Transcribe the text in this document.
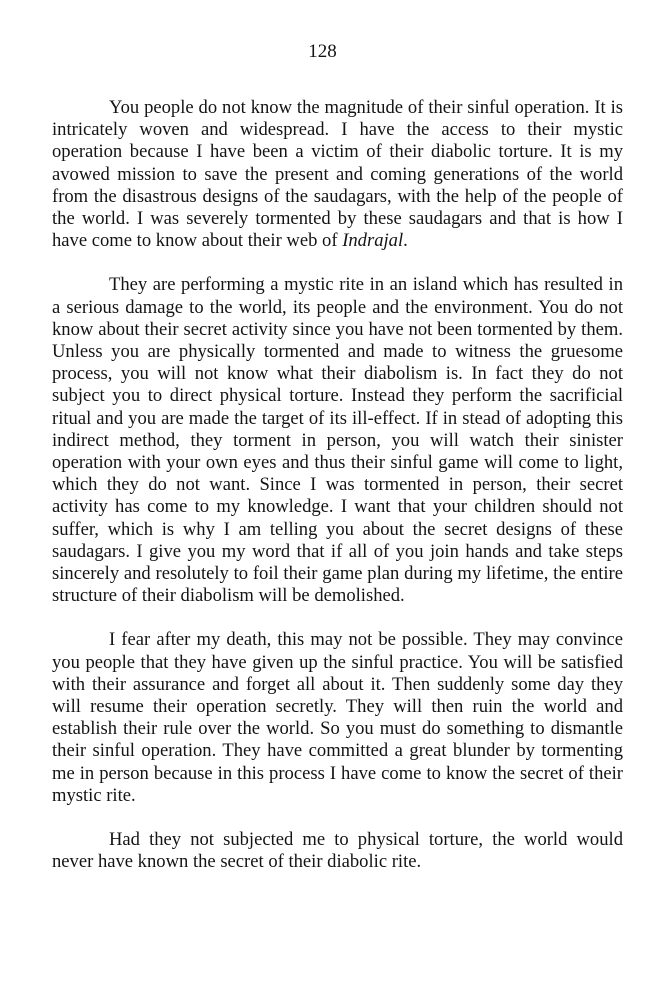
128

You people do not know the magnitude of their sinful operation. It is intricately woven and widespread. I have the access to their mystic operation because I have been a victim of their diabolic torture. It is my avowed mission to save the present and coming generations of the world from the disastrous designs of the saudagars, with the help of the people of the world. I was severely tormented by these saudagars and that is how I have come to know about their web of Indrajal.

They are performing a mystic rite in an island which has resulted in a serious damage to the world, its people and the environment. You do not know about their secret activity since you have not been tormented by them. Unless you are physically tormented and made to witness the gruesome process, you will not know what their diabolism is. In fact they do not subject you to direct physical torture. Instead they perform the sacrificial ritual and you are made the target of its ill-effect. If in stead of adopting this indirect method, they torment in person, you will watch their sinister operation with your own eyes and thus their sinful game will come to light, which they do not want. Since I was tormented in person, their secret activity has come to my knowledge. I want that your children should not suffer, which is why I am telling you about the secret designs of these saudagars. I give you my word that if all of you join hands and take steps sincerely and resolutely to foil their game plan during my lifetime, the entire structure of their diabolism will be demolished.

I fear after my death, this may not be possible. They may convince you people that they have given up the sinful practice. You will be satisfied with their assurance and forget all about it. Then suddenly some day they will resume their operation secretly. They will then ruin the world and establish their rule over the world. So you must do something to dismantle their sinful operation. They have committed a great blunder by tormenting me in person because in this process I have come to know the secret of their mystic rite.

Had they not subjected me to physical torture, the world would never have known the secret of their diabolic rite.
